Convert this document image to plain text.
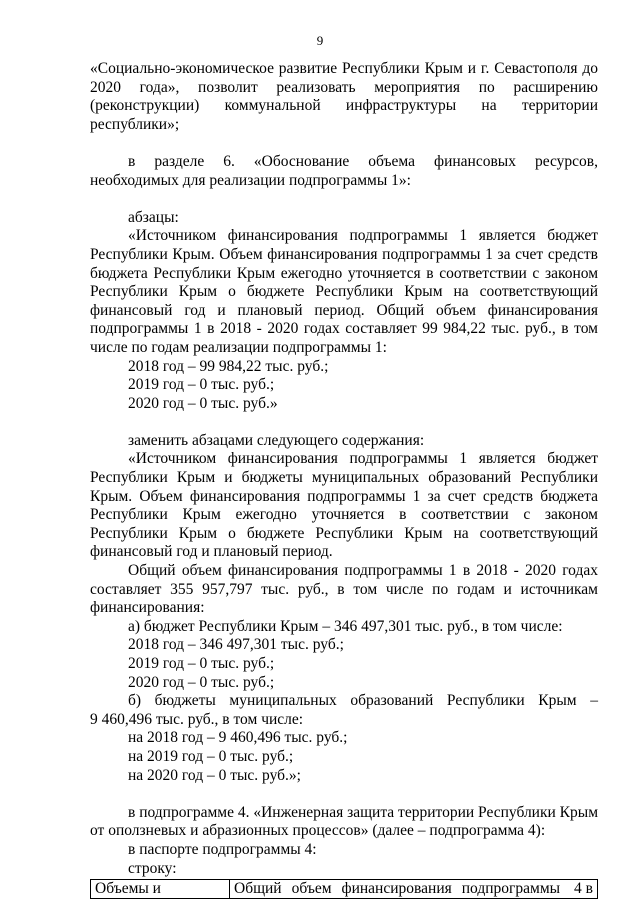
9

«Социально-экономическое развитие Республики Крым и г. Севастополя до 2020 года», позволит реализовать мероприятия по расширению (реконструкции) коммунальной инфраструктуры на территории республики»;

в разделе 6. «Обоснование объема финансовых ресурсов, необходимых для реализации подпрограммы 1»:

абзацы:

«Источником финансирования подпрограммы 1 является бюджет Республики Крым. Объем финансирования подпрограммы 1 за счет средств бюджета Республики Крым ежегодно уточняется в соответствии с законом Республики Крым о бюджете Республики Крым на соответствующий финансовый год и плановый период. Общий объем финансирования подпрограммы 1 в 2018 - 2020 годах составляет 99 984,22 тыс. руб., в том числе по годам реализации подпрограммы 1:

2018 год – 99 984,22 тыс. руб.;

2019 год – 0 тыс. руб.;

2020 год – 0 тыс. руб.»

заменить абзацами следующего содержания:

«Источником финансирования подпрограммы 1 является бюджет Республики Крым и бюджеты муниципальных образований Республики Крым. Объем финансирования подпрограммы 1 за счет средств бюджета Республики Крым ежегодно уточняется в соответствии с законом Республики Крым о бюджете Республики Крым на соответствующий финансовый год и плановый период.

Общий объем финансирования подпрограммы 1 в 2018 - 2020 годах составляет 355 957,797 тыс. руб., в том числе по годам и источникам финансирования:

а) бюджет Республики Крым – 346 497,301 тыс. руб., в том числе:

2018 год – 346 497,301 тыс. руб.;

2019 год – 0 тыс. руб.;

2020 год – 0 тыс. руб.;

б) бюджеты муниципальных образований Республики Крым –

9 460,496 тыс. руб., в том числе:

на 2018 год – 9 460,496 тыс. руб.;

на 2019 год – 0 тыс. руб.;

на 2020 год – 0 тыс. руб.»;

в подпрограмме 4. «Инженерная защита территории Республики Крым от оползневых и абразионных процессов» (далее – подпрограмма 4):

в паспорте подпрограммы 4:

строку:

Объемы и	Общий объем финансирования подпрограммы 4 в
